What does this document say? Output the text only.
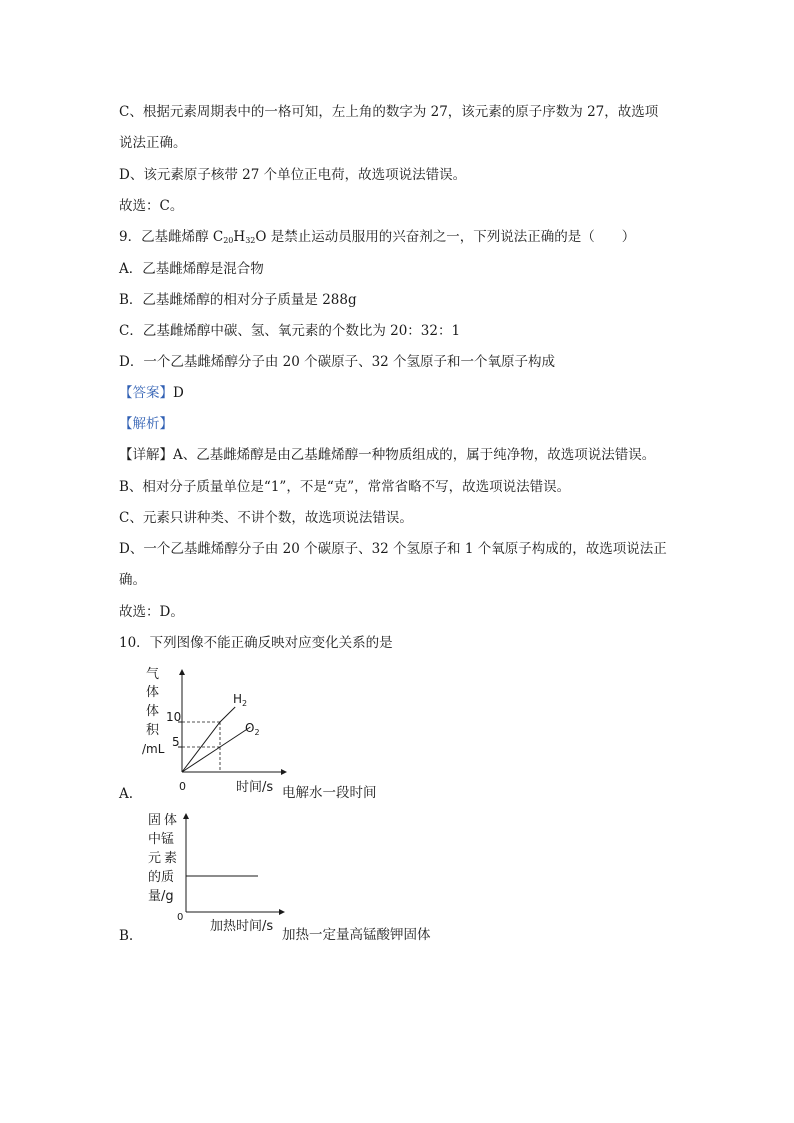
C、根据元素周期表中的一格可知，左上角的数字为 27，该元素的原子序数为 27，故选项
说法正确。
D、该元素原子核带 27 个单位正电荷，故选项说法错误。
故选：C。
9．乙基雌烯醇 $C_{20}H_{32}O$ 是禁止运动员服用的兴奋剂之一，下列说法正确的是（　　）
A．乙基雌烯醇是混合物
B．乙基雌烯醇的相对分子质量是 288g
C．乙基雌烯醇中碳、氢、氧元素的个数比为 20：32：1
D．一个乙基雌烯醇分子由 20 个碳原子、32 个氢原子和一个氧原子构成
【答案】D
【解析】
【详解】A、乙基雌烯醇是由乙基雌烯醇一种物质组成的，属于纯净物，故选项说法错误。
B、相对分子质量单位是“1”，不是“克”，常常省略不写，故选项说法错误。
C、元素只讲种类、不讲个数，故选项说法错误。
D、一个乙基雌烯醇分子由 20 个碳原子、32 个氢原子和 1 个氧原子构成的，故选项说法正
确。
故选：D。
10．下列图像不能正确反映对应变化关系的是
气
体
体
积
/mL
10
5
0
$H_2$
$O_2$
时间/s
A.	电解水一段时间
固 体
中锰
元 素
的质
量/g
0
加热时间/s
B.	加热一定量高锰酸钾固体
